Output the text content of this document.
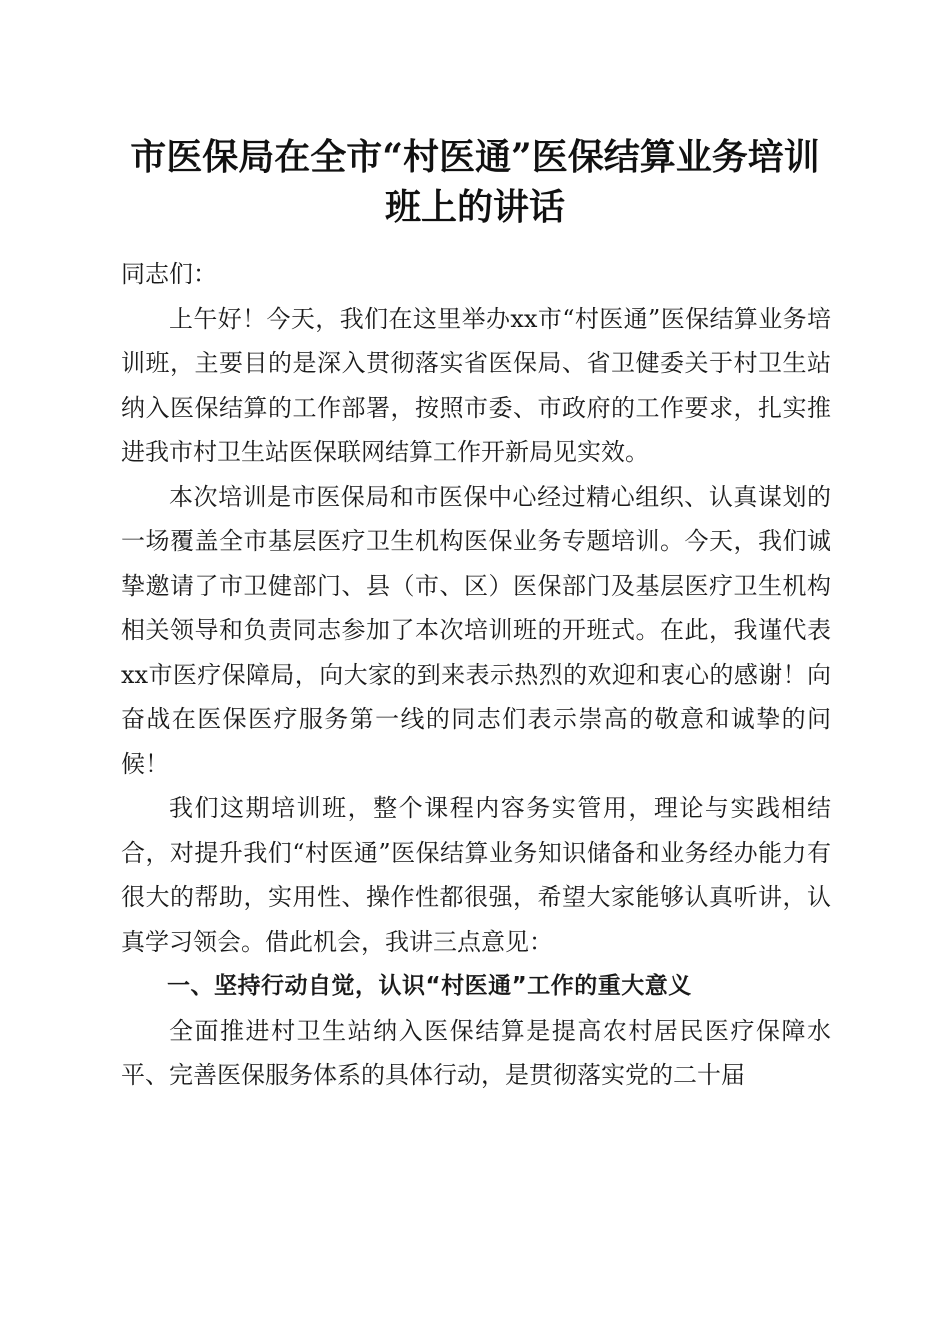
市医保局在全市“村医通”医保结算业务培训
班上的讲话

同志们：

上午好！今天，我们在这里举办xx市“村医通”医保结算业务培训班，主要目的是深入贯彻落实省医保局、省卫健委关于村卫生站纳入医保结算的工作部署，按照市委、市政府的工作要求，扎实推进我市村卫生站医保联网结算工作开新局见实效。

本次培训是市医保局和市医保中心经过精心组织、认真谋划的一场覆盖全市基层医疗卫生机构医保业务专题培训。今天，我们诚挚邀请了市卫健部门、县（市、区）医保部门及基层医疗卫生机构相关领导和负责同志参加了本次培训班的开班式。在此，我谨代表xx市医疗保障局，向大家的到来表示热烈的欢迎和衷心的感谢！向奋战在医保医疗服务第一线的同志们表示崇高的敬意和诚挚的问候！

我们这期培训班，整个课程内容务实管用，理论与实践相结合，对提升我们“村医通”医保结算业务知识储备和业务经办能力有很大的帮助，实用性、操作性都很强，希望大家能够认真听讲，认真学习领会。借此机会，我讲三点意见：

一、坚持行动自觉，认识“村医通”工作的重大意义

全面推进村卫生站纳入医保结算是提高农村居民医疗保障水平、完善医保服务体系的具体行动，是贯彻落实党的二十届
